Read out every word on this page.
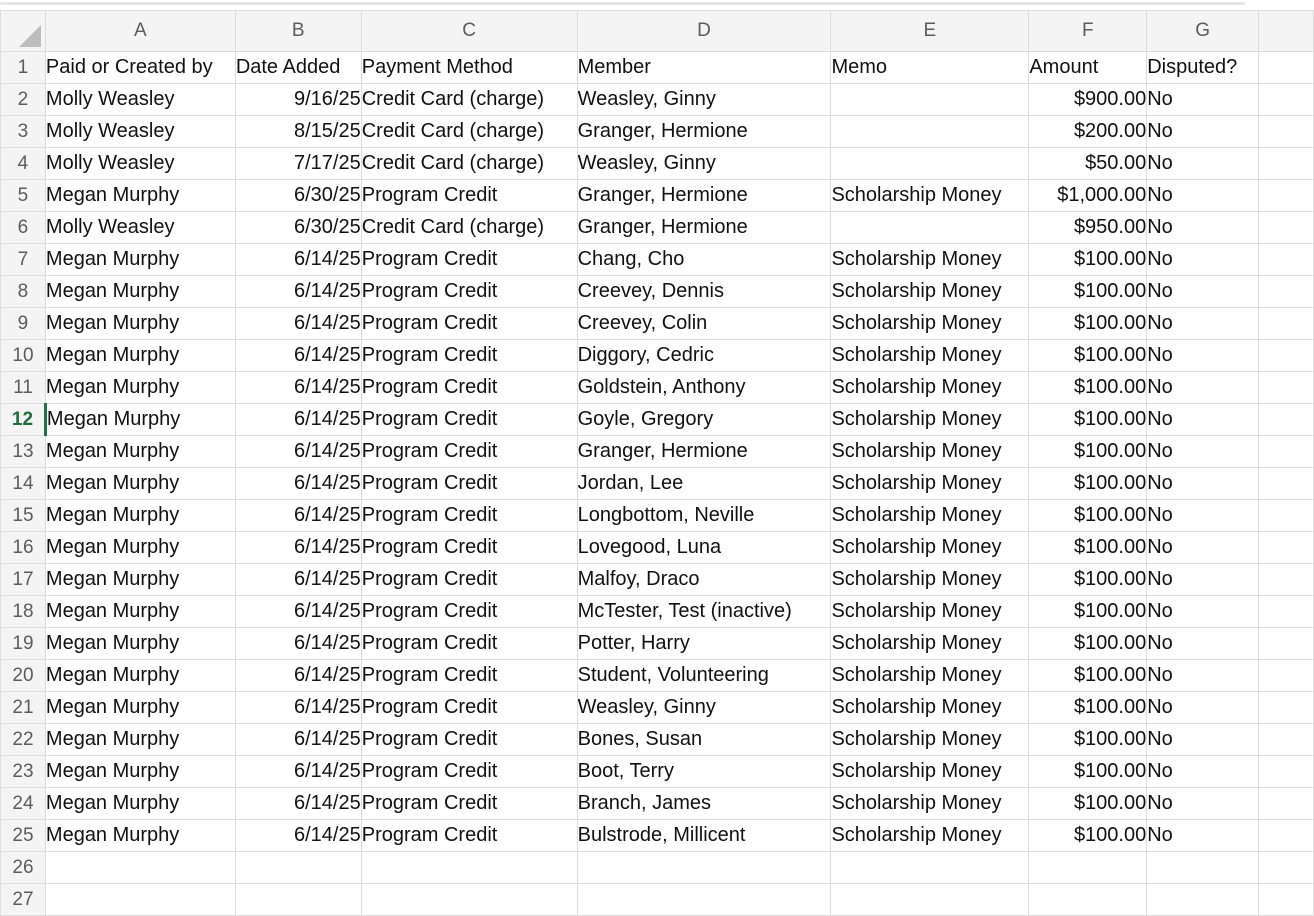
	A	B	C	D	E	F	G	
1	Paid or Created by	Date Added	Payment Method	Member	Memo	Amount	Disputed?	
2	Molly Weasley	9/16/25	Credit Card (charge)	Weasley, Ginny		$900.00	No	
3	Molly Weasley	8/15/25	Credit Card (charge)	Granger, Hermione		$200.00	No	
4	Molly Weasley	7/17/25	Credit Card (charge)	Weasley, Ginny		$50.00	No	
5	Megan Murphy	6/30/25	Program Credit	Granger, Hermione	Scholarship Money	$1,000.00	No	
6	Molly Weasley	6/30/25	Credit Card (charge)	Granger, Hermione		$950.00	No	
7	Megan Murphy	6/14/25	Program Credit	Chang, Cho	Scholarship Money	$100.00	No	
8	Megan Murphy	6/14/25	Program Credit	Creevey, Dennis	Scholarship Money	$100.00	No	
9	Megan Murphy	6/14/25	Program Credit	Creevey, Colin	Scholarship Money	$100.00	No	
10	Megan Murphy	6/14/25	Program Credit	Diggory, Cedric	Scholarship Money	$100.00	No	
11	Megan Murphy	6/14/25	Program Credit	Goldstein, Anthony	Scholarship Money	$100.00	No	
12	Megan Murphy	6/14/25	Program Credit	Goyle, Gregory	Scholarship Money	$100.00	No	
13	Megan Murphy	6/14/25	Program Credit	Granger, Hermione	Scholarship Money	$100.00	No	
14	Megan Murphy	6/14/25	Program Credit	Jordan, Lee	Scholarship Money	$100.00	No	
15	Megan Murphy	6/14/25	Program Credit	Longbottom, Neville	Scholarship Money	$100.00	No	
16	Megan Murphy	6/14/25	Program Credit	Lovegood, Luna	Scholarship Money	$100.00	No	
17	Megan Murphy	6/14/25	Program Credit	Malfoy, Draco	Scholarship Money	$100.00	No	
18	Megan Murphy	6/14/25	Program Credit	McTester, Test (inactive)	Scholarship Money	$100.00	No	
19	Megan Murphy	6/14/25	Program Credit	Potter, Harry	Scholarship Money	$100.00	No	
20	Megan Murphy	6/14/25	Program Credit	Student, Volunteering	Scholarship Money	$100.00	No	
21	Megan Murphy	6/14/25	Program Credit	Weasley, Ginny	Scholarship Money	$100.00	No	
22	Megan Murphy	6/14/25	Program Credit	Bones, Susan	Scholarship Money	$100.00	No	
23	Megan Murphy	6/14/25	Program Credit	Boot, Terry	Scholarship Money	$100.00	No	
24	Megan Murphy	6/14/25	Program Credit	Branch, James	Scholarship Money	$100.00	No	
25	Megan Murphy	6/14/25	Program Credit	Bulstrode, Millicent	Scholarship Money	$100.00	No	
26								
27								
